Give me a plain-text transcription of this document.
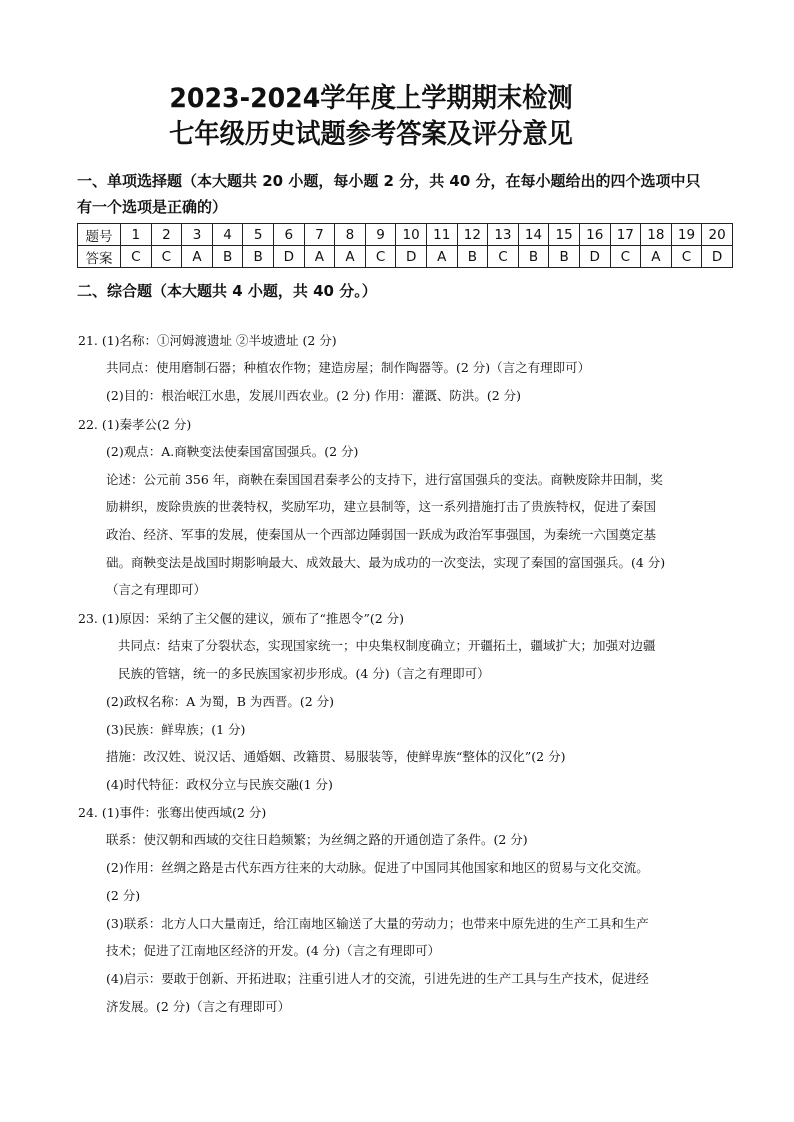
2023-2024学年度上学期期末检测
七年级历史试题参考答案及评分意见
一、单项选择题（本大题共 20 小题，每小题 2 分，共 40 分，在每小题给出的四个选项中只
有一个选项是正确的）
题号	1	2	3	4	5	6	7	8	9	10	11	12	13	14	15	16	17	18	19	20
答案	C	C	A	B	B	D	A	A	C	D	A	B	C	B	B	D	C	A	C	D
二、综合题（本大题共 4 小题，共 40 分。）
21. (1)名称：①河姆渡遗址 ②半坡遗址 (2 分)
共同点：使用磨制石器；种植农作物；建造房屋；制作陶器等。(2 分)（言之有理即可）
(2)目的：根治岷江水患，发展川西农业。(2 分) 作用：灌溉、防洪。(2 分)
22. (1)秦孝公(2 分)
(2)观点：A.商鞅变法使秦国富国强兵。(2 分)
论述：公元前 356 年，商鞅在秦国国君秦孝公的支持下，进行富国强兵的变法。商鞅废除井田制，奖
励耕织，废除贵族的世袭特权，奖励军功，建立县制等，这一系列措施打击了贵族特权，促进了秦国
政治、经济、军事的发展，使秦国从一个西部边陲弱国一跃成为政治军事强国，为秦统一六国奠定基
础。商鞅变法是战国时期影响最大、成效最大、最为成功的一次变法，实现了秦国的富国强兵。(4 分)
（言之有理即可）
23. (1)原因：采纳了主父偃的建议，颁布了“推恩令”(2 分)
共同点：结束了分裂状态，实现国家统一；中央集权制度确立；开疆拓土，疆域扩大；加强对边疆
民族的管辖，统一的多民族国家初步形成。(4 分)（言之有理即可）
(2)政权名称：A 为蜀，B 为西晋。(2 分)
(3)民族：鲜卑族；(1 分)
措施：改汉姓、说汉话、通婚姻、改籍贯、易服装等，使鲜卑族“整体的汉化”(2 分)
(4)时代特征：政权分立与民族交融(1 分)
24. (1)事件：张骞出使西域(2 分)
联系：使汉朝和西域的交往日趋频繁；为丝绸之路的开通创造了条件。(2 分)
(2)作用：丝绸之路是古代东西方往来的大动脉。促进了中国同其他国家和地区的贸易与文化交流。
(2 分)
(3)联系：北方人口大量南迁，给江南地区输送了大量的劳动力；也带来中原先进的生产工具和生产
技术；促进了江南地区经济的开发。(4 分)（言之有理即可）
(4)启示：要敢于创新、开拓进取；注重引进人才的交流，引进先进的生产工具与生产技术，促进经
济发展。(2 分)（言之有理即可）
